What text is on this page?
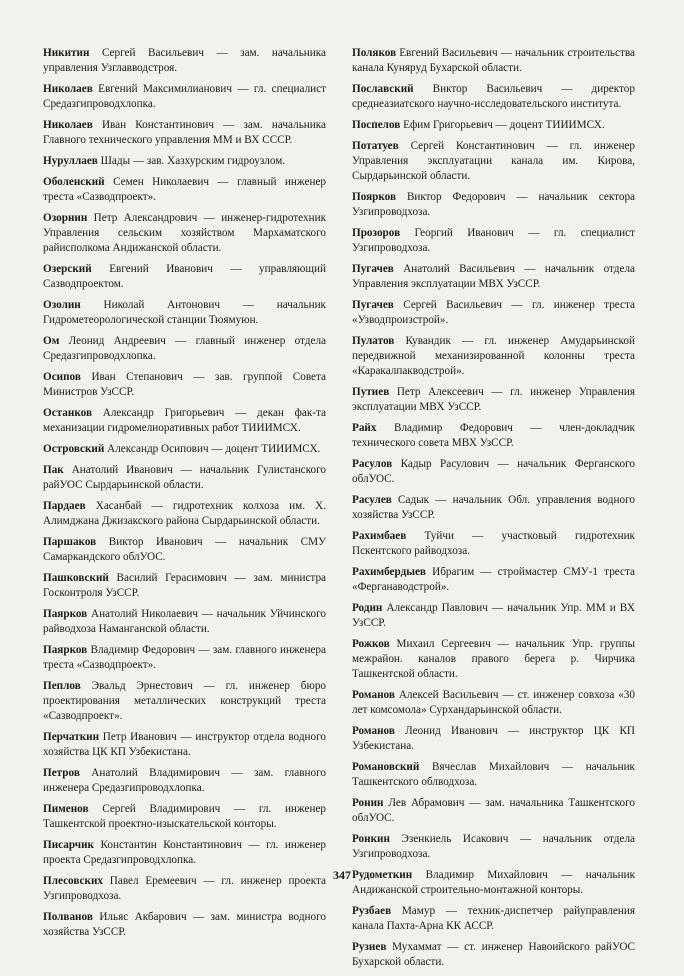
Никитин Сергей Васильевич — зам. начальника управления Узглавводстроя.

Николаев Евгений Максимилианович — гл. специалист Средазгипроводхлопка.

Николаев Иван Константинович — зам. начальника Главного технического управления ММ и ВХ СССР.

Нуруллаев Шады — зав. Хазхурским гидроузлом.

Оболенский Семен Николаевич — главный инженер треста «Сазводпроект».

Озорнин Петр Александрович — инженер-гидротехник Управления сельским хозяйством Мархаматского райисполкома Андижанской области.

Озерский Евгений Иванович — управляющий Сазводпроектом.

Озолин Николай Антонович — начальник Гидрометеорологической станции Тюямуюн.

Ом Леонид Андреевич — главный инженер отдела Средазгипроводхлопка.

Осипов Иван Степанович — зав. группой Совета Министров УзССР.

Останков Александр Григорьевич — декан фак-та механизации гидромелиоративных работ ТИИИМСХ.

Островский Александр Осипович — доцент ТИИИМСХ.

Пак Анатолий Иванович — начальник Гулистанского райУОС Сырдарьинской области.

Пардаев Хасанбай — гидротехник колхоза им. Х. Алимджана Джизакского района Сырдарьинской области.

Паршаков Виктор Иванович — начальник СМУ Самаркандского облУОС.

Пашковский Василий Герасимович — зам. министра Госконтроля УзССР.

Паярков Анатолий Николаевич — начальник Уйчинского райводхоза Наманганской области.

Паярков Владимир Федорович — зам. главного инженера треста «Сазводпроект».

Пеплов Эвальд Эрнестович — гл. инженер бюро проектирования металлических конструкций треста «Сазводпроект».

Перчаткин Петр Иванович — инструктор отдела водного хозяйства ЦК КП Узбекистана.

Петров Анатолий Владимирович — зам. главного инженера Средазгипроводхлопка.

Пименов Сергей Владимирович — гл. инженер Ташкентской проектно-изыскательской конторы.

Писарчик Константин Константинович — гл. инженер проекта Средазгипроводхлопка.

Плесовских Павел Еремеевич — гл. инженер проекта Узгипроводхоза.

Полванов Ильяс Акбарович — зам. министра водного хозяйства УзССР.

Поляков Евгений Васильевич — начальник строительства канала Кунярyд Бухарской области.

Пославский Виктор Васильевич — директор среднеазиатского научно-исследовательского института.

Поспелов Ефим Григорьевич — доцент ТИИИМСХ.

Потатуев Сергей Константинович — гл. инженер Управления эксплуатации канала им. Кирова, Сырдарьинской области.

Поярков Виктор Федорович — начальник сектора Узгипроводхоза.

Прозоров Георгий Иванович — гл. специалист Узгипроводхоза.

Пугачев Анатолий Васильевич — начальник отдела Управления эксплуатации МВХ УзССР.

Пугачев Сергей Васильевич — гл. инженер треста «Узводпроизстрой».

Пулатов Кувандик — гл. инженер Амударьинской передвижной механизированной колонны треста «Каракалпакводстрой».

Путиев Петр Алексеевич — гл. инженер Управления эксплуатации МВХ УзССР.

Райх Владимир Федорович — член-докладчик технического совета МВХ УзССР.

Расулов Кадыр Расулович — начальник Ферганского облУОС.

Расулев Садык — начальник Обл. управления водного хозяйства УзССР.

Рахимбаев Туйчи — участковый гидротехник Пскентского райводхоза.

Рахимбердыев Ибрагим — строймастер СМУ-1 треста «Ферганаводстрой».

Родин Александр Павлович — начальник Упр. ММ и ВХ УзССР.

Рожков Михаил Сергеевич — начальник Упр. группы межрайон. каналов правого берега р. Чирчика Ташкентской области.

Романов Алексей Васильевич — ст. инженер совхоза «30 лет комсомола» Сурхандарьинской области.

Романов Леонид Иванович — инструктор ЦК КП Узбекистана.

Романовский Вячеслав Михайлович — начальник Ташкентского облводхоза.

Ронин Лев Абрамович — зам. начальника Ташкентского облУОС.

Ронкин Эзенкиель Исакович — начальник отдела Узгипроводхоза.

Рудометкин Владимир Михайлович — начальник Андижанской строительно-монтажной конторы.

Рузбаев Мамур — техник-диспетчер райуправления канала Пахта-Арна КК АССР.

Рузиев Мухаммат — ст. инженер Навоийского райУОС Бухарской области.

347
